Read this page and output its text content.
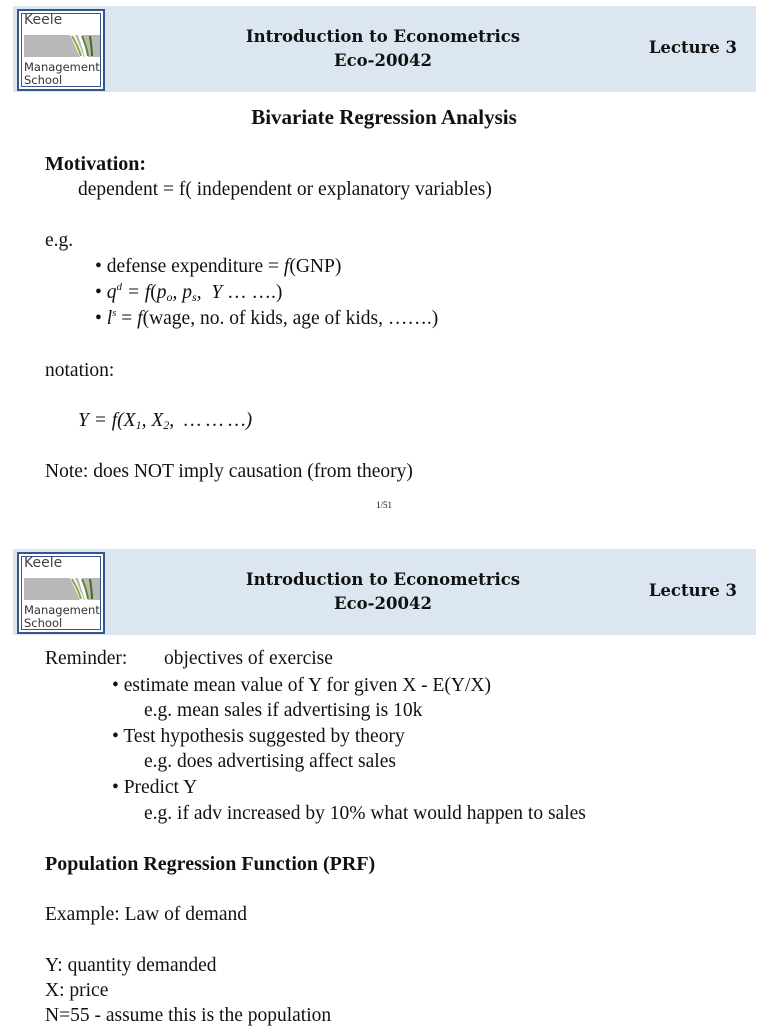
Keele
Management
School
Introduction to Econometrics
Eco-20042
Lecture 3
Bivariate Regression Analysis
Motivation:
dependent = f( independent or explanatory variables)
e.g.
• defense expenditure = f(GNP)
• $q^d = f(p_o$, $p_s$,  Y … ….)
• $l^s$ = f(wage, no. of kids, age of kids, …….)
notation:
$Y = f(X_1$, $X_2$,  … … …)
Note: does NOT imply causation (from theory)
1/51
Keele
Management
School
Introduction to Econometrics
Eco-20042
Lecture 3
Reminder: objectives of exercise
• estimate mean value of Y for given X - E(Y/X)
e.g. mean sales if advertising is 10k
• Test hypothesis suggested by theory
e.g. does advertising affect sales
• Predict Y
e.g. if adv increased by 10% what would happen to sales
Population Regression Function (PRF)
Example: Law of demand
Y: quantity demanded
X: price
N=55 - assume this is the population
